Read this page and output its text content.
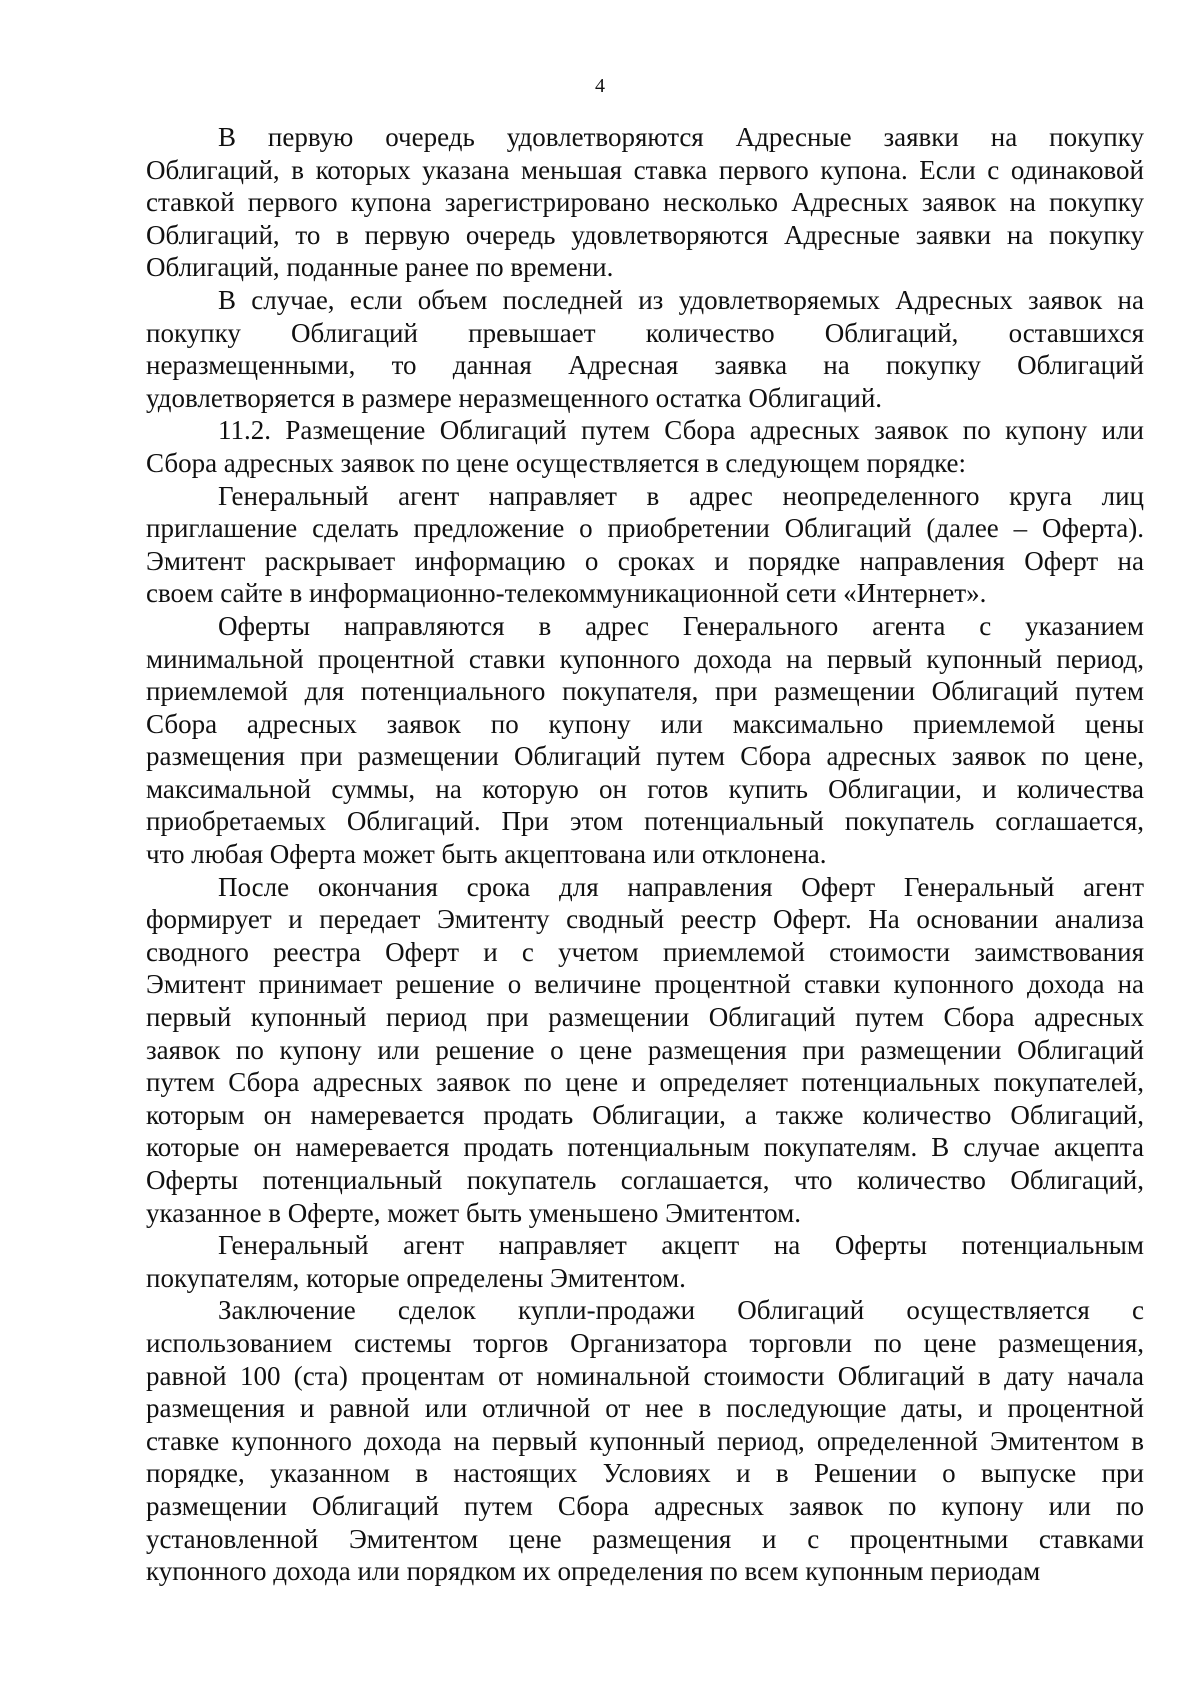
4
В первую очередь удовлетворяются Адресные заявки на покупку
Облигаций, в которых указана меньшая ставка первого купона. Если с одинаковой
ставкой первого купона зарегистрировано несколько Адресных заявок на покупку
Облигаций, то в первую очередь удовлетворяются Адресные заявки на покупку
Облигаций, поданные ранее по времени.
В случае, если объем последней из удовлетворяемых Адресных заявок на
покупку Облигаций превышает количество Облигаций, оставшихся
неразмещенными, то данная Адресная заявка на покупку Облигаций
удовлетворяется в размере неразмещенного остатка Облигаций.
11.2. Размещение Облигаций путем Сбора адресных заявок по купону или
Сбора адресных заявок по цене осуществляется в следующем порядке:
Генеральный агент направляет в адрес неопределенного круга лиц
приглашение сделать предложение о приобретении Облигаций (далее – Оферта).
Эмитент раскрывает информацию о сроках и порядке направления Оферт на
своем сайте в информационно-телекоммуникационной сети «Интернет».
Оферты направляются в адрес Генерального агента с указанием
минимальной процентной ставки купонного дохода на первый купонный период,
приемлемой для потенциального покупателя, при размещении Облигаций путем
Сбора адресных заявок по купону или максимально приемлемой цены
размещения при размещении Облигаций путем Сбора адресных заявок по цене,
максимальной суммы, на которую он готов купить Облигации, и количества
приобретаемых Облигаций. При этом потенциальный покупатель соглашается,
что любая Оферта может быть акцептована или отклонена.
После окончания срока для направления Оферт Генеральный агент
формирует и передает Эмитенту сводный реестр Оферт. На основании анализа
сводного реестра Оферт и с учетом приемлемой стоимости заимствования
Эмитент принимает решение о величине процентной ставки купонного дохода на
первый купонный период при размещении Облигаций путем Сбора адресных
заявок по купону или решение о цене размещения при размещении Облигаций
путем Сбора адресных заявок по цене и определяет потенциальных покупателей,
которым он намеревается продать Облигации, а также количество Облигаций,
которые он намеревается продать потенциальным покупателям. В случае акцепта
Оферты потенциальный покупатель соглашается, что количество Облигаций,
указанное в Оферте, может быть уменьшено Эмитентом.
Генеральный агент направляет акцепт на Оферты потенциальным
покупателям, которые определены Эмитентом.
Заключение сделок купли-продажи Облигаций осуществляется с
использованием системы торгов Организатора торговли по цене размещения,
равной 100 (ста) процентам от номинальной стоимости Облигаций в дату начала
размещения и равной или отличной от нее в последующие даты, и процентной
ставке купонного дохода на первый купонный период, определенной Эмитентом в
порядке, указанном в настоящих Условиях и в Решении о выпуске при
размещении Облигаций путем Сбора адресных заявок по купону или по
установленной Эмитентом цене размещения и с процентными ставками
купонного дохода или порядком их определения по всем купонным периодам
